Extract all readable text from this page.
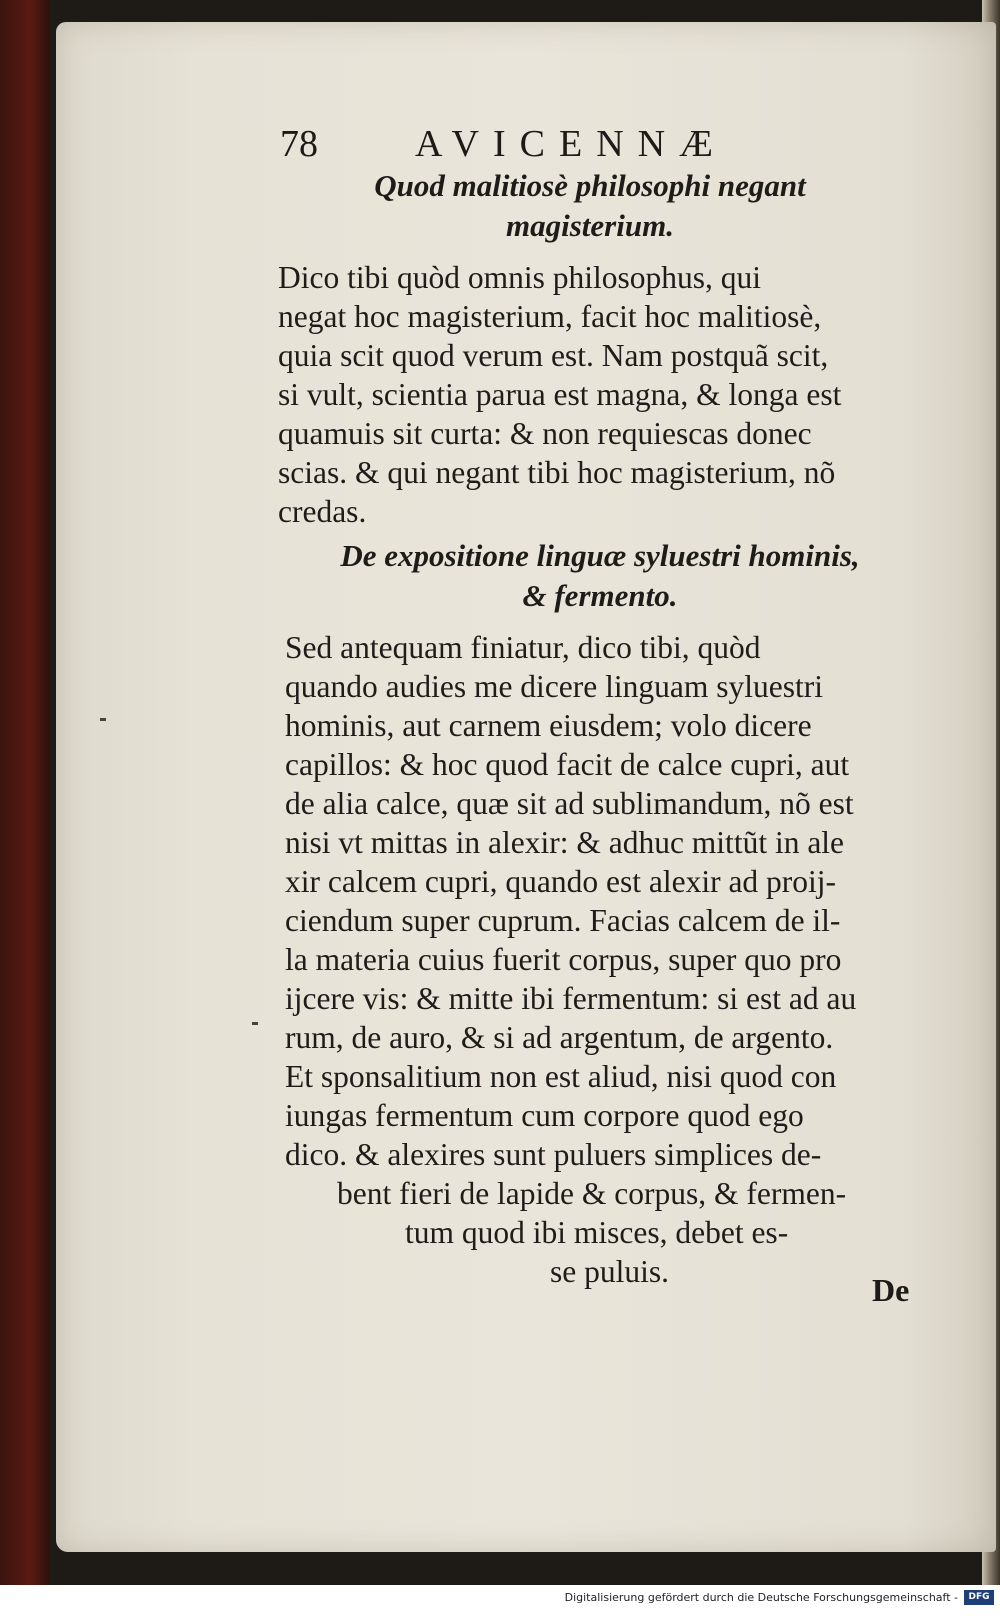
78	AVICENNÆ
Quod malitiosè philosophi negant
magisterium.
Dico tibi quòd omnis philosophus, qui
negat hoc magisterium, facit hoc malitiosè,
quia scit quod verum est. Nam postquã scit,
si vult, scientia parua est magna, & longa est
quamuis sit curta: & non requiescas donec
scias. & qui negant tibi hoc magisterium, nõ
credas.
De expositione linguæ syluestri hominis,
& fermento.
Sed antequam finiatur, dico tibi, quòd
quando audies me dicere linguam syluestri
hominis, aut carnem eiusdem; volo dicere
capillos: & hoc quod facit de calce cupri, aut
de alia calce, quæ sit ad sublimandum, nõ est
nisi vt mittas in alexir: & adhuc mittũt in ale
xir calcem cupri, quando est alexir ad proij-
ciendum super cuprum. Facias calcem de il-
la materia cuius fuerit corpus, super quo pro
ijcere vis: & mitte ibi fermentum: si est ad au
rum, de auro, & si ad argentum, de argento.
Et sponsalitium non est aliud, nisi quod con
iungas fermentum cum corpore quod ego
dico. & alexires sunt puluers simplices de-
bent fieri de lapide & corpus, & fermen-
tum quod ibi misces, debet es-
se puluis.
De
Digitalisierung gefördert durch die Deutsche Forschungsgemeinschaft -	DFG
